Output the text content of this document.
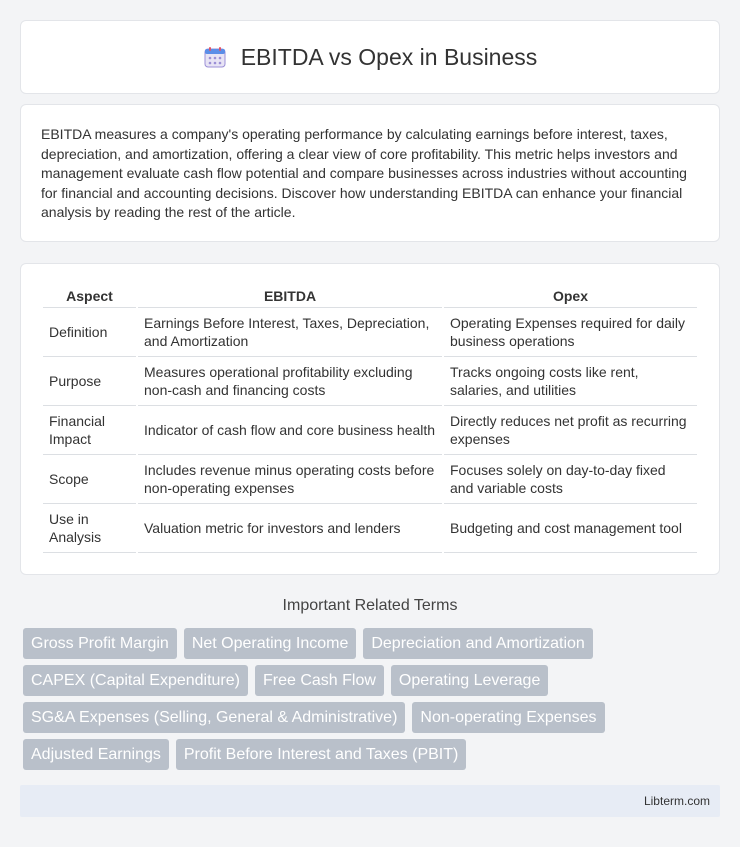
EBITDA vs Opex in Business

EBITDA measures a company's operating performance by calculating earnings before interest, taxes, depreciation, and amortization, offering a clear view of core profitability. This metric helps investors and management evaluate cash flow potential and compare businesses across industries without accounting for financial and accounting decisions. Discover how understanding EBITDA can enhance your financial analysis by reading the rest of the article.

Aspect	EBITDA	Opex
Definition	Earnings Before Interest, Taxes, Depreciation, and Amortization	Operating Expenses required for daily business operations
Purpose	Measures operational profitability excluding non-cash and financing costs	Tracks ongoing costs like rent, salaries, and utilities
Financial Impact	Indicator of cash flow and core business health	Directly reduces net profit as recurring expenses
Scope	Includes revenue minus operating costs before non-operating expenses	Focuses solely on day-to-day fixed and variable costs
Use in Analysis	Valuation metric for investors and lenders	Budgeting and cost management tool
Important Related Terms
Gross Profit Margin	Net Operating Income	Depreciation and Amortization
CAPEX (Capital Expenditure)	Free Cash Flow	Operating Leverage
SG&A Expenses (Selling, General & Administrative)	Non-operating Expenses
Adjusted Earnings	Profit Before Interest and Taxes (PBIT)
Libterm.com
